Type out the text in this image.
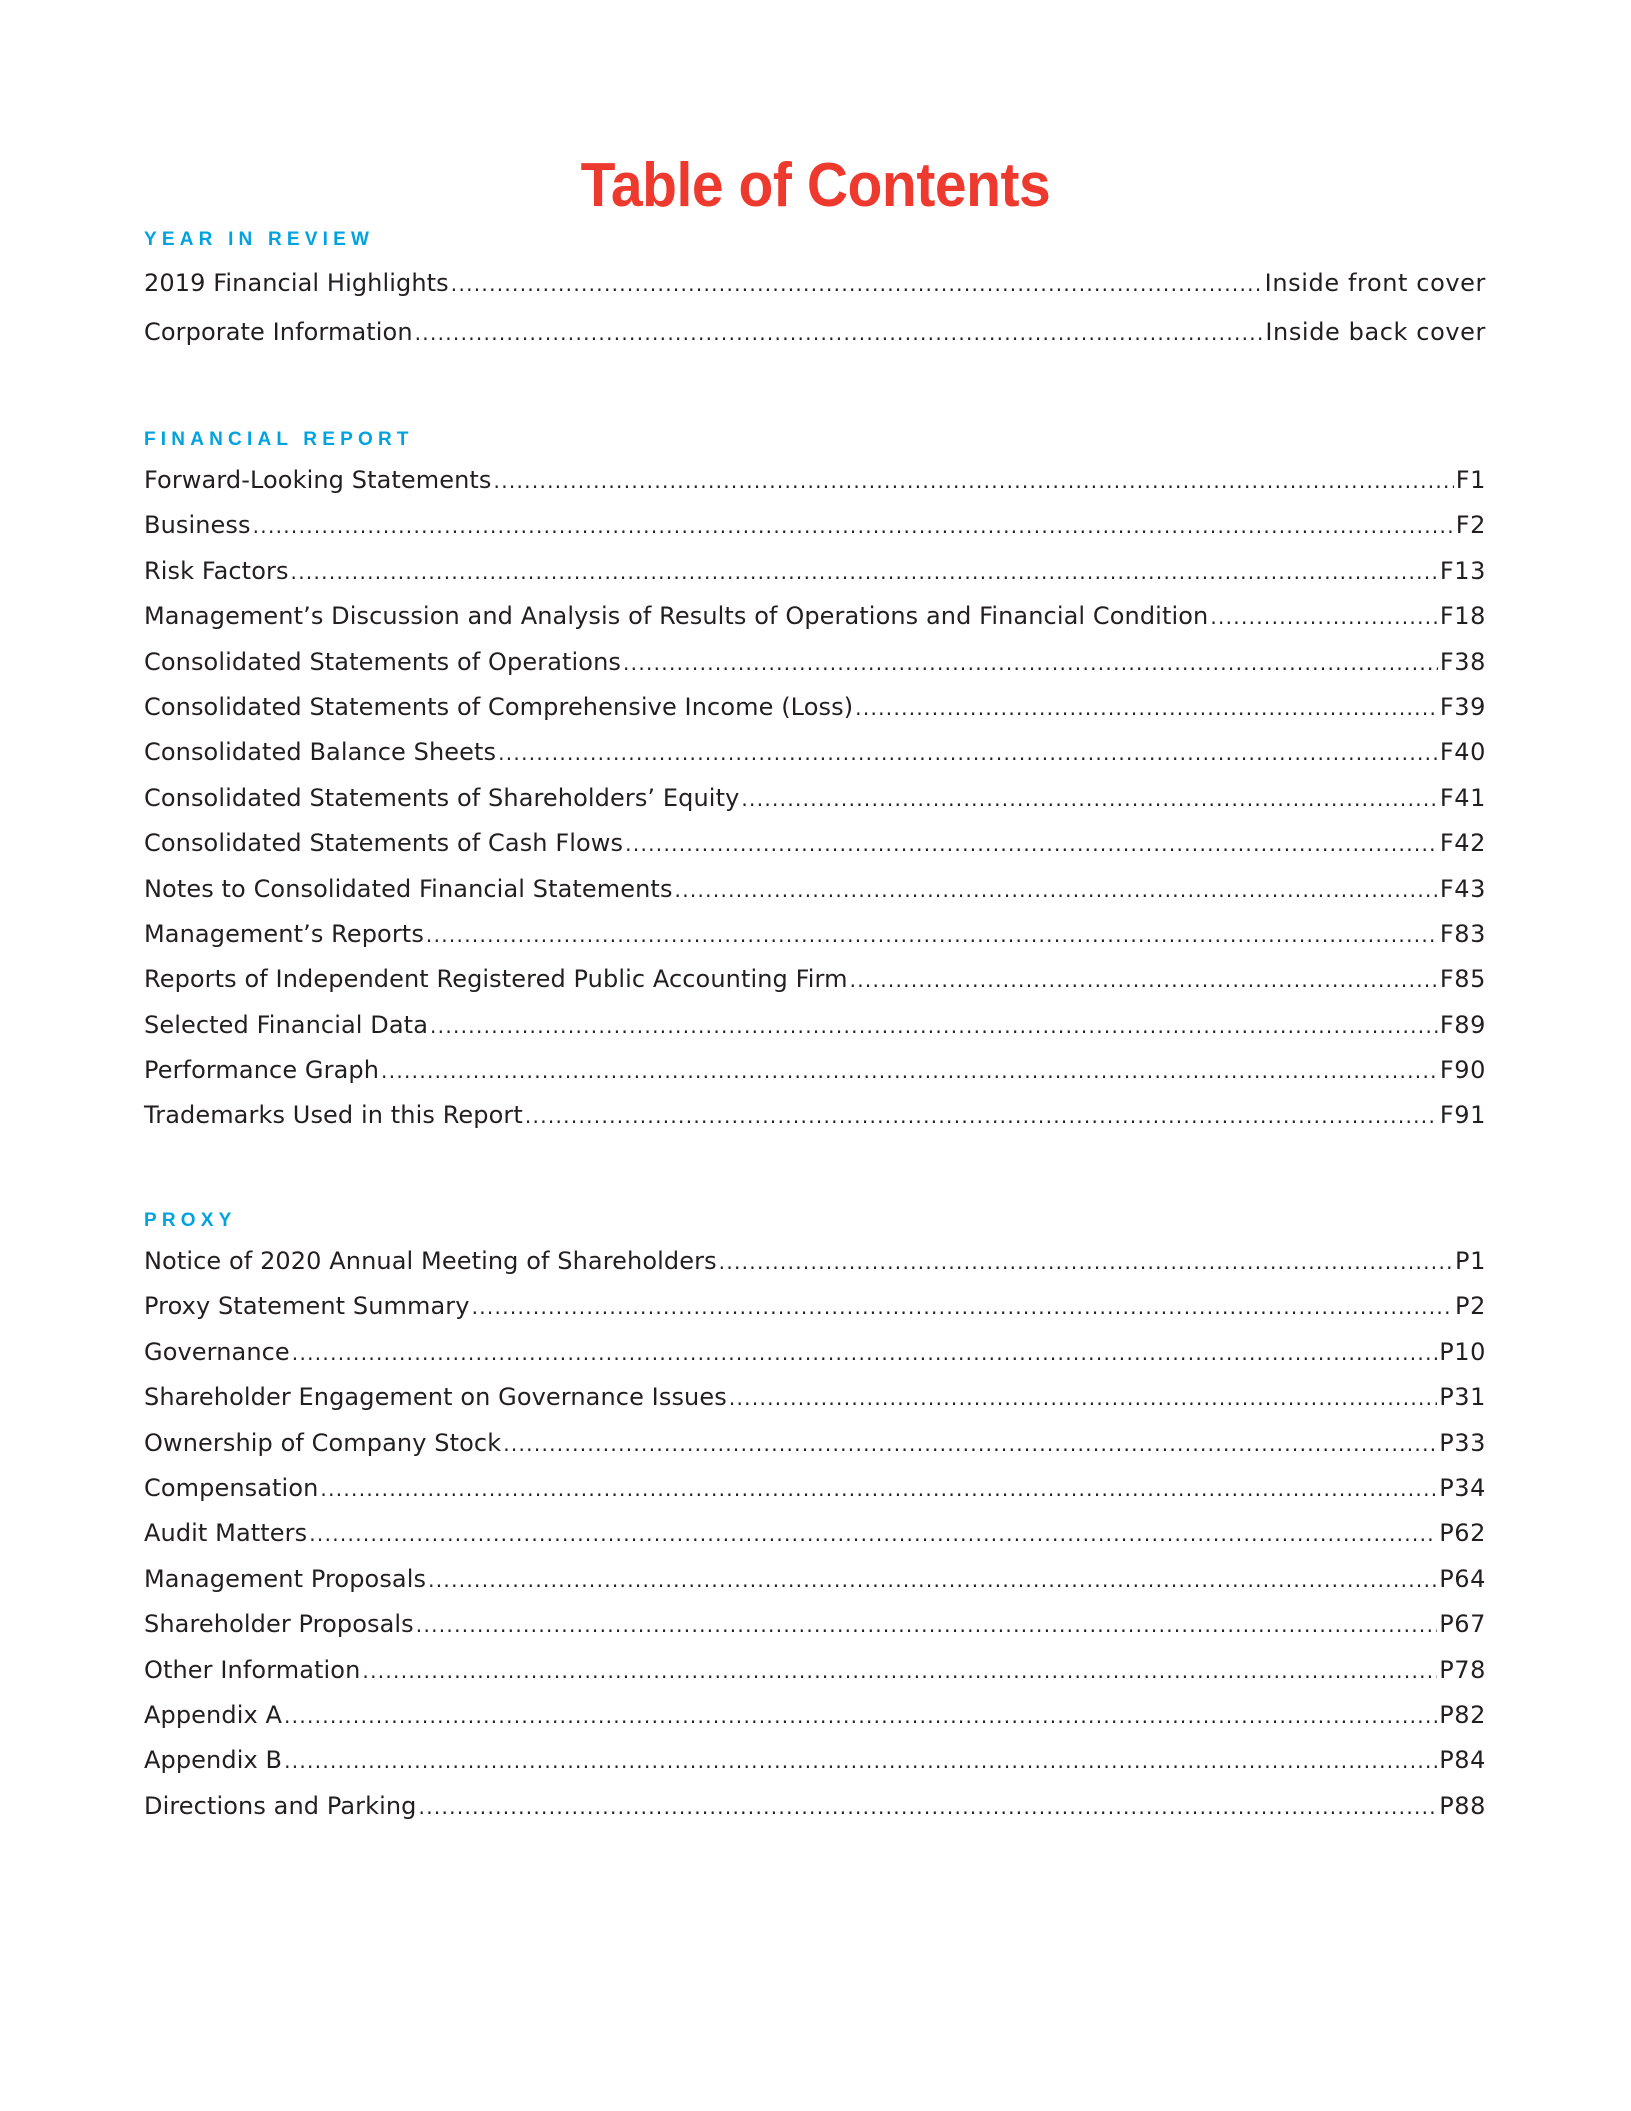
Table of Contents
YEAR IN REVIEW
2019 Financial Highlights .....	Inside front cover
Corporate Information .....	Inside back cover
FINANCIAL REPORT
Forward-Looking Statements .....	F1
Business .....	F2
Risk Factors .....	F13
Management’s Discussion and Analysis of Results of Operations and Financial Condition .....	F18
Consolidated Statements of Operations .....	F38
Consolidated Statements of Comprehensive Income (Loss) .....	F39
Consolidated Balance Sheets .....	F40
Consolidated Statements of Shareholders’ Equity .....	F41
Consolidated Statements of Cash Flows .....	F42
Notes to Consolidated Financial Statements .....	F43
Management’s Reports .....	F83
Reports of Independent Registered Public Accounting Firm .....	F85
Selected Financial Data .....	F89
Performance Graph .....	F90
Trademarks Used in this Report .....	F91
PROXY
Notice of 2020 Annual Meeting of Shareholders .....	P1
Proxy Statement Summary .....	P2
Governance .....	P10
Shareholder Engagement on Governance Issues .....	P31
Ownership of Company Stock .....	P33
Compensation .....	P34
Audit Matters .....	P62
Management Proposals .....	P64
Shareholder Proposals .....	P67
Other Information .....	P78
Appendix A .....	P82
Appendix B .....	P84
Directions and Parking .....	P88
